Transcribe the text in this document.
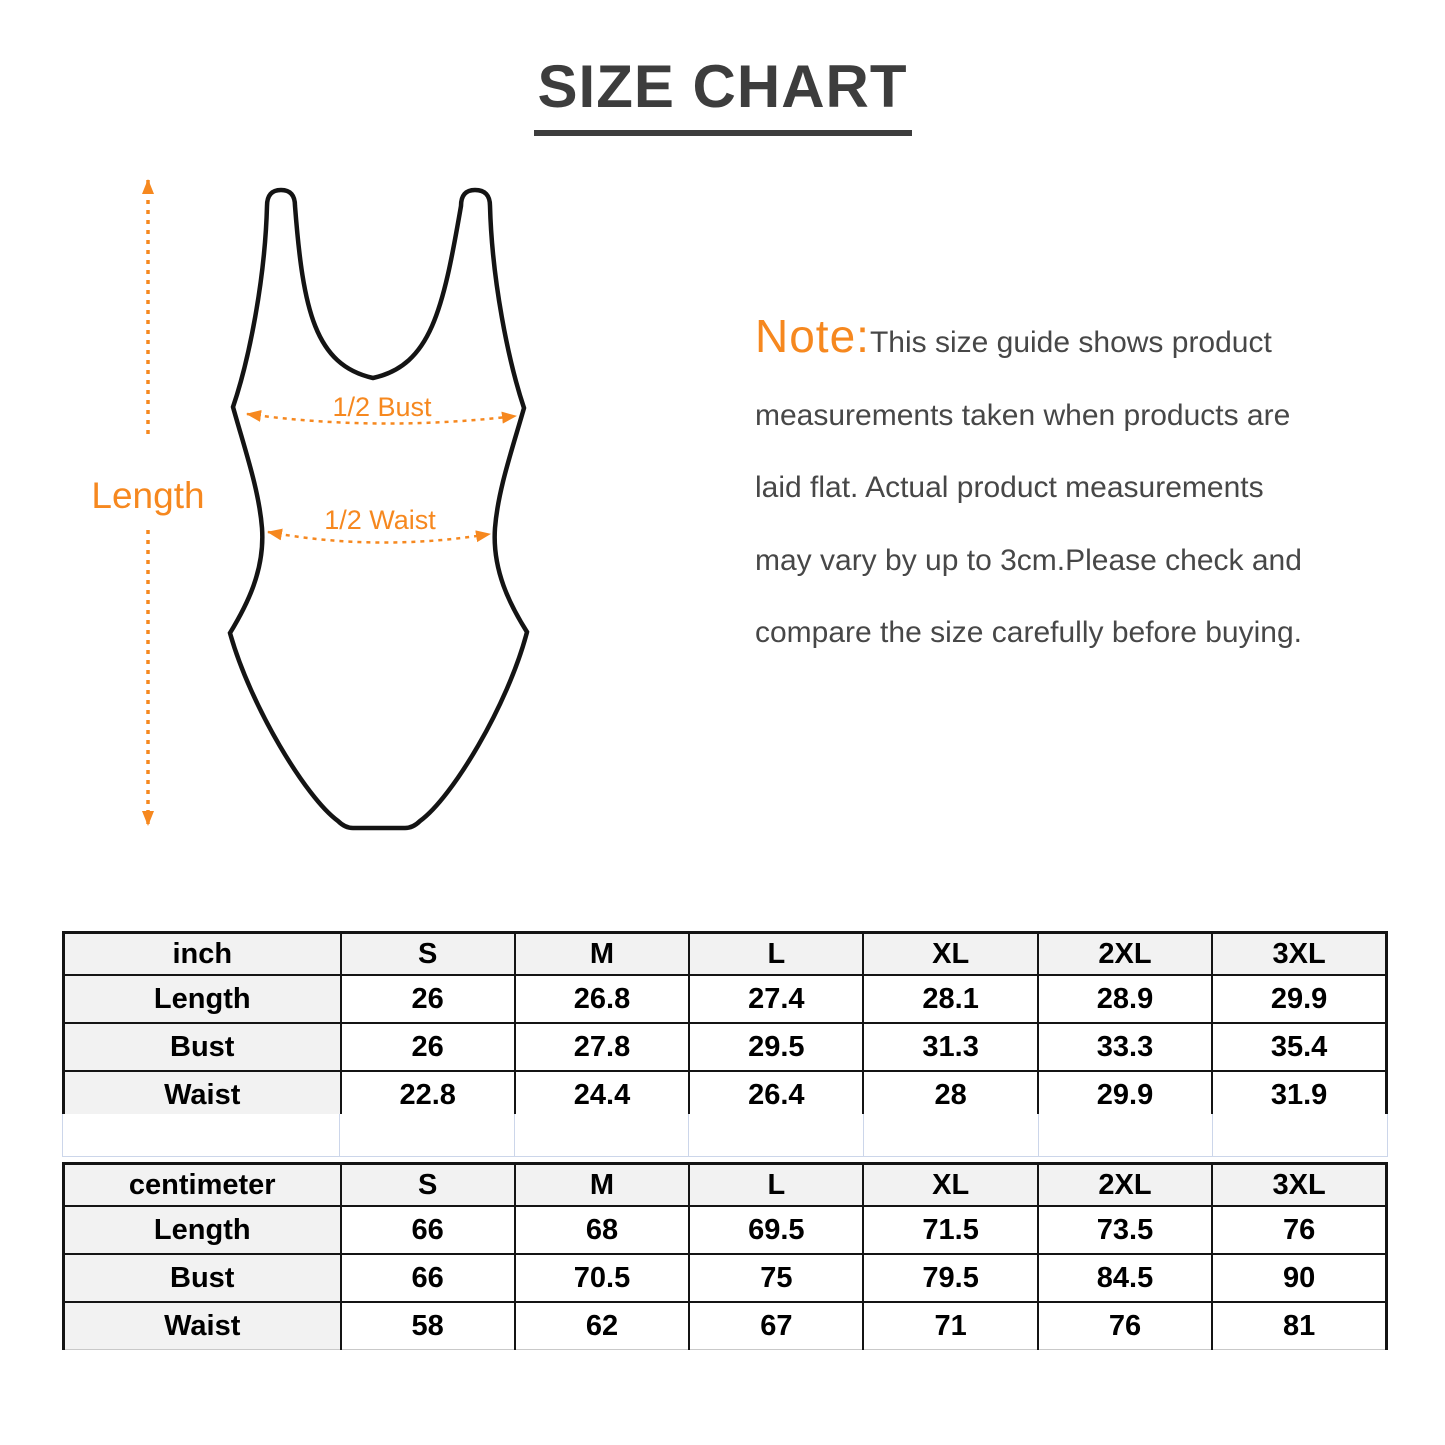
SIZE CHART
Length
1/2 Bust
1/2 Waist
Note:This size guide shows product
measurements taken when products are
laid flat. Actual product measurements
may vary by up to 3cm.Please check and
compare the size carefully before buying.
inch	S	M	L	XL	2XL	3XL
Length	26	26.8	27.4	28.1	28.9	29.9
Bust	26	27.8	29.5	31.3	33.3	35.4
Waist	22.8	24.4	26.4	28	29.9	31.9

centimeter	S	M	L	XL	2XL	3XL
Length	66	68	69.5	71.5	73.5	76
Bust	66	70.5	75	79.5	84.5	90
Waist	58	62	67	71	76	81
